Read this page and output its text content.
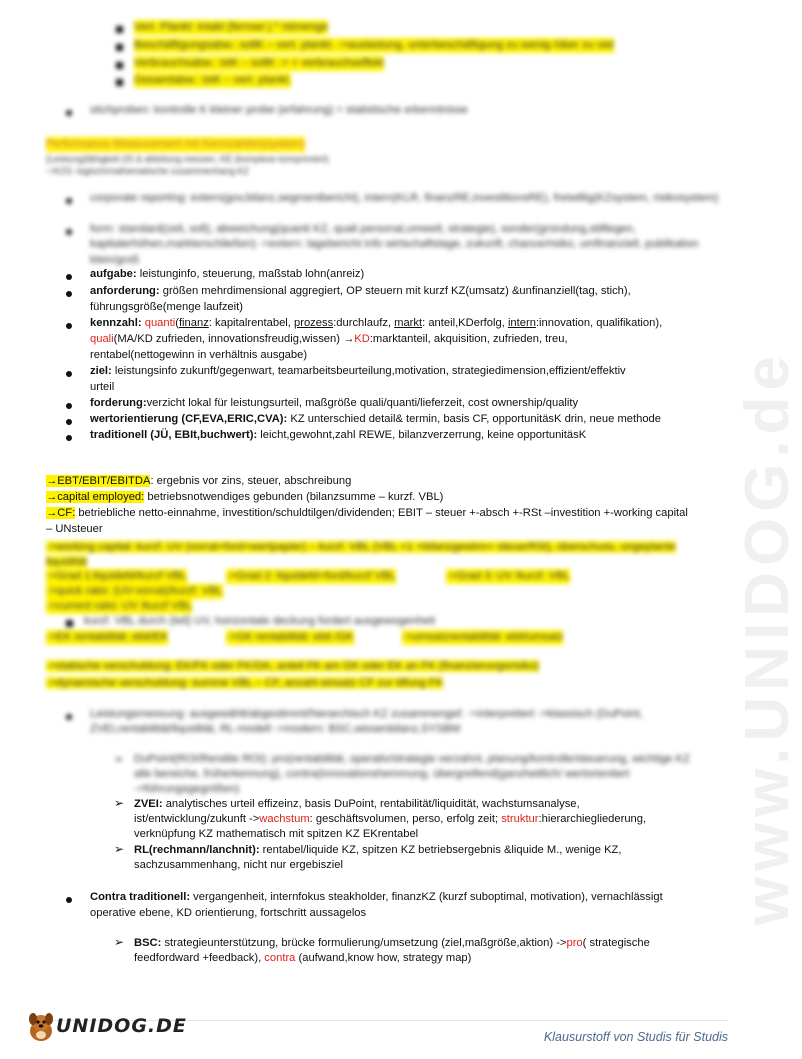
www.UNIDOG.de
Vert. Plankt: intakt (fernsei ) * Istmenge
Beschäftigungsabw.: sollK – vert. plankt. ->auslastung, unterbeschäftigung zu wenig /über zu viel
Verbrauchsabw.: istK – sollK -> + verbrauchseffekt
Gesamtabw.: istK – vert. plankt.
stichproben: kontrolle K kleiner probe (erfahrung) = statistische erkenntnisse
Performance Measurement mit Kennzahlen(system)
(Leistung)fähigkeit (IS & abteilung messen, KE (komplexe komprimiert)
->KZS: logisch/mathematische zusammenhang KZ
corporate reporting: extern(gov,bilanz,segmentbericht), intern(KLR, finanzRE,investitionsRE), freiwillig(KZsystem, risikosystem)
form: standard(zeit, soll), abweichung(quanti KZ, quali personal,umwelt, strategie), sonder(gründung,stilllegen, kapitalerhöhen,markterschließen) ->extern: lagebericht info wirtschaftslage, zukunft, chance/risiko, umfinanziell, publikation klein/groß
aufgabe: leistunginfo, steuerung, maßstab lohn(anreiz)
anforderung: größen mehrdimensional aggregiert, OP steuern mit kurzf KZ(umsatz) &unfinanziell(tag, stich),
führungsgröße(menge laufzeit)
kennzahl: quanti(finanz: kapitalrentabel, prozess:durchlaufz, markt: anteil,KDerfolg, intern:innovation, qualifikation),
quali(MA/KD zufrieden, innovationsfreudig,wissen) →KD:marktanteil, akquisition, zufrieden, treu,
rentabel(nettogewinn in verhältnis ausgabe)
ziel: leistungsinfo zukunft/gegenwart, teamarbeitsbeurteilung,motivation, strategiedimension,effizient/effektiv
urteil
forderung:verzicht lokal für leistungsurteil, maßgröße quali/quanti/lieferzeit, cost ownership/quality
wertorientierung (CF,EVA,ERIC,CVA): KZ unterschied detail& termin, basis CF, opportunitäsK drin, neue methode
traditionell (JÜ, EBIt,buchwert): leicht,gewohnt,zahl REWE, bilanzverzerrung, keine opportunitäsK
→EBT/EBIT/EBITDA: ergebnis vor zins, steuer, abschreibung
→capital employed: betriebsnotwendiges gebunden (bilanzsumme – kurzf. VBL)
→CF: betriebliche netto-einnahme, investition/schuldtilgen/dividenden; EBIT – steuer +-absch +-RSt –investition +-working capital
– UNsteuer
->working capital: kurzf. UV (vorrat+ford+wertpapier) – kurzf. VBL (VBL <1 +bilanzgewinn+ steuerRSt), überschuss, ungeplante liquidität
->Grad 1:liquideM/kurzf VBL	->Grad 2: liquideM+ford/kurzf VBL	->Grad 3: UV /kurzf. VBL
->quick ratio: (UV-vorrat)/kurzf. VBL
->current ratio: UV /kurzf VBL
kurzf. VBL durch (teil) UV, horizontale deckung fordert ausgewogenheit
->EK rentabilität: ebit/EK	->GK rentabilität: ebit /GK	->umsatzrentabilität: ebit/umsatz
->statische verschuldung: EK/FK oder FK/GK, anteil FK am GK oder EK an FK (finanzierungsrisiko)
->dynamische verschuldung: summe VBL – CF, anzahl einsatz CF zur tilfung FK
Leistungsmessung: ausgewählt/abgestimmt/hierarchisch KZ zusammengef. ->interpretiert ->klassisch (DuPoint, ZVEI,rentabilität/liquidität, RL-modell ->modern: BSC,wissenbilanz,SYSBM
➢ DuPoint(ROI/Rendite ROI): pro(rentabilität, operativ/strategie verzahnt, planung/kontrolle/steuerung, wichtige KZ
alle bereiche, früherkennung), contra(innovationshemmung, übergreifend(ganzheitlich/ wertorientiert
->führungsgegrößen)
➢ ZVEI: analytisches urteil effizeinz, basis DuPoint, rentabilität/liquidität, wachstumsanalyse,
ist/entwicklung/zukunft ->wachstum: geschäftsvolumen, perso, erfolg zeit; struktur:hierarchiegliederung,
verknüpfung KZ mathematisch mit spitzen KZ EKrentabel
➢ RL(rechmann/lanchnit): rentabel/liquide KZ, spitzen KZ betriebsergebnis &liquide M., wenige KZ,
sachzusammenhang, nicht nur ergebisziel
Contra traditionell: vergangenheit, internfokus steakholder, finanzKZ (kurzf suboptimal, motivation), vernachlässigt
operative ebene, KD orientierung, fortschritt aussagelos
➢ BSC: strategieunterstützung, brücke formulierung/umsetzung (ziel,maßgröße,aktion) ->pro( strategische
feedfordward +feedback), contra (aufwand,know how, strategy map)
UNIDOG.DE	Klausurstoff von Studis für Studis
